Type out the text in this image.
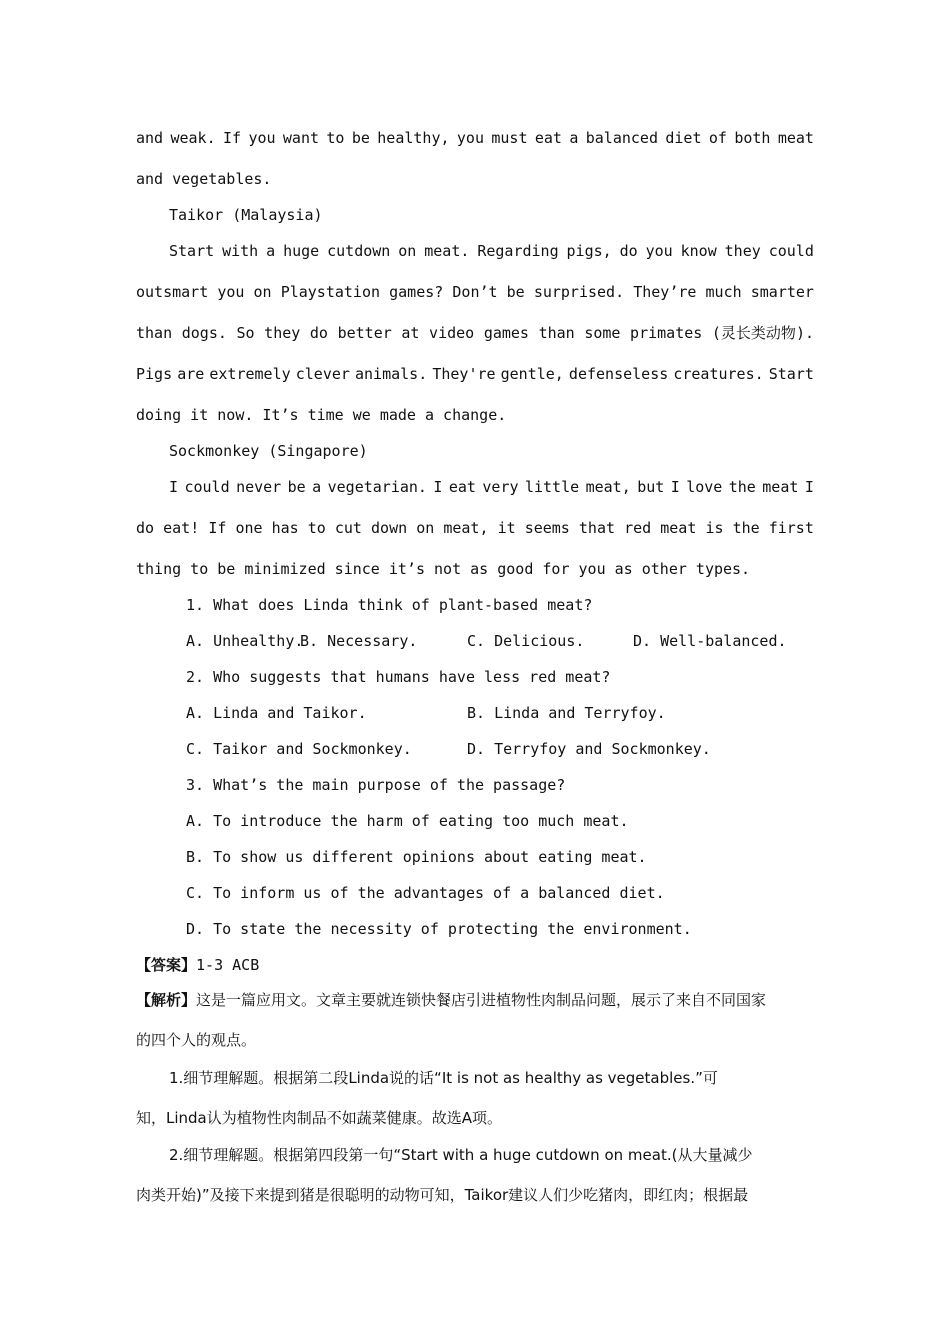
and weak. If you want to be healthy, you must eat a balanced diet of both meat
and vegetables.
Taikor (Malaysia)
Start with a huge cutdown on meat. Regarding pigs, do you know they could
outsmart you on Playstation games? Don’t be surprised. They’re much smarter
than dogs. So they do better at video games than some primates (灵长类动物).
Pigs are extremely clever animals. They're gentle, defenseless creatures. Start
doing it now. It’s time we made a change.
Sockmonkey (Singapore)
I could never be a vegetarian. I eat very little meat, but I love the meat I
do eat! If one has to cut down on meat, it seems that red meat is the first
thing to be minimized since it’s not as good for you as other types.
1. What does Linda think of plant-based meat?
A. Unhealthy.
B. Necessary.	C. Delicious.	D. Well-balanced.
2. Who suggests that humans have less red meat?
A. Linda and Taikor.	B. Linda and Terryfoy.
C. Taikor and Sockmonkey.	D. Terryfoy and Sockmonkey.
3. What’s the main purpose of the passage?
A. To introduce the harm of eating too much meat.
B. To show us different opinions about eating meat.
C. To inform us of the advantages of a balanced diet.
D. To state the necessity of protecting the environment.
【答案】1-3 ACB
【解析】这是一篇应用文。文章主要就连锁快餐店引进植物性肉制品问题，展示了来自不同国家
的四个人的观点。
1.细节理解题。根据第二段Linda说的话“It is not as healthy as vegetables.”可
知，Linda认为植物性肉制品不如蔬菜健康。故选A项。
2.细节理解题。根据第四段第一句“Start with a huge cutdown on meat.(从大量减少
肉类开始)”及接下来提到猪是很聪明的动物可知，Taikor建议人们少吃猪肉，即红肉；根据最
